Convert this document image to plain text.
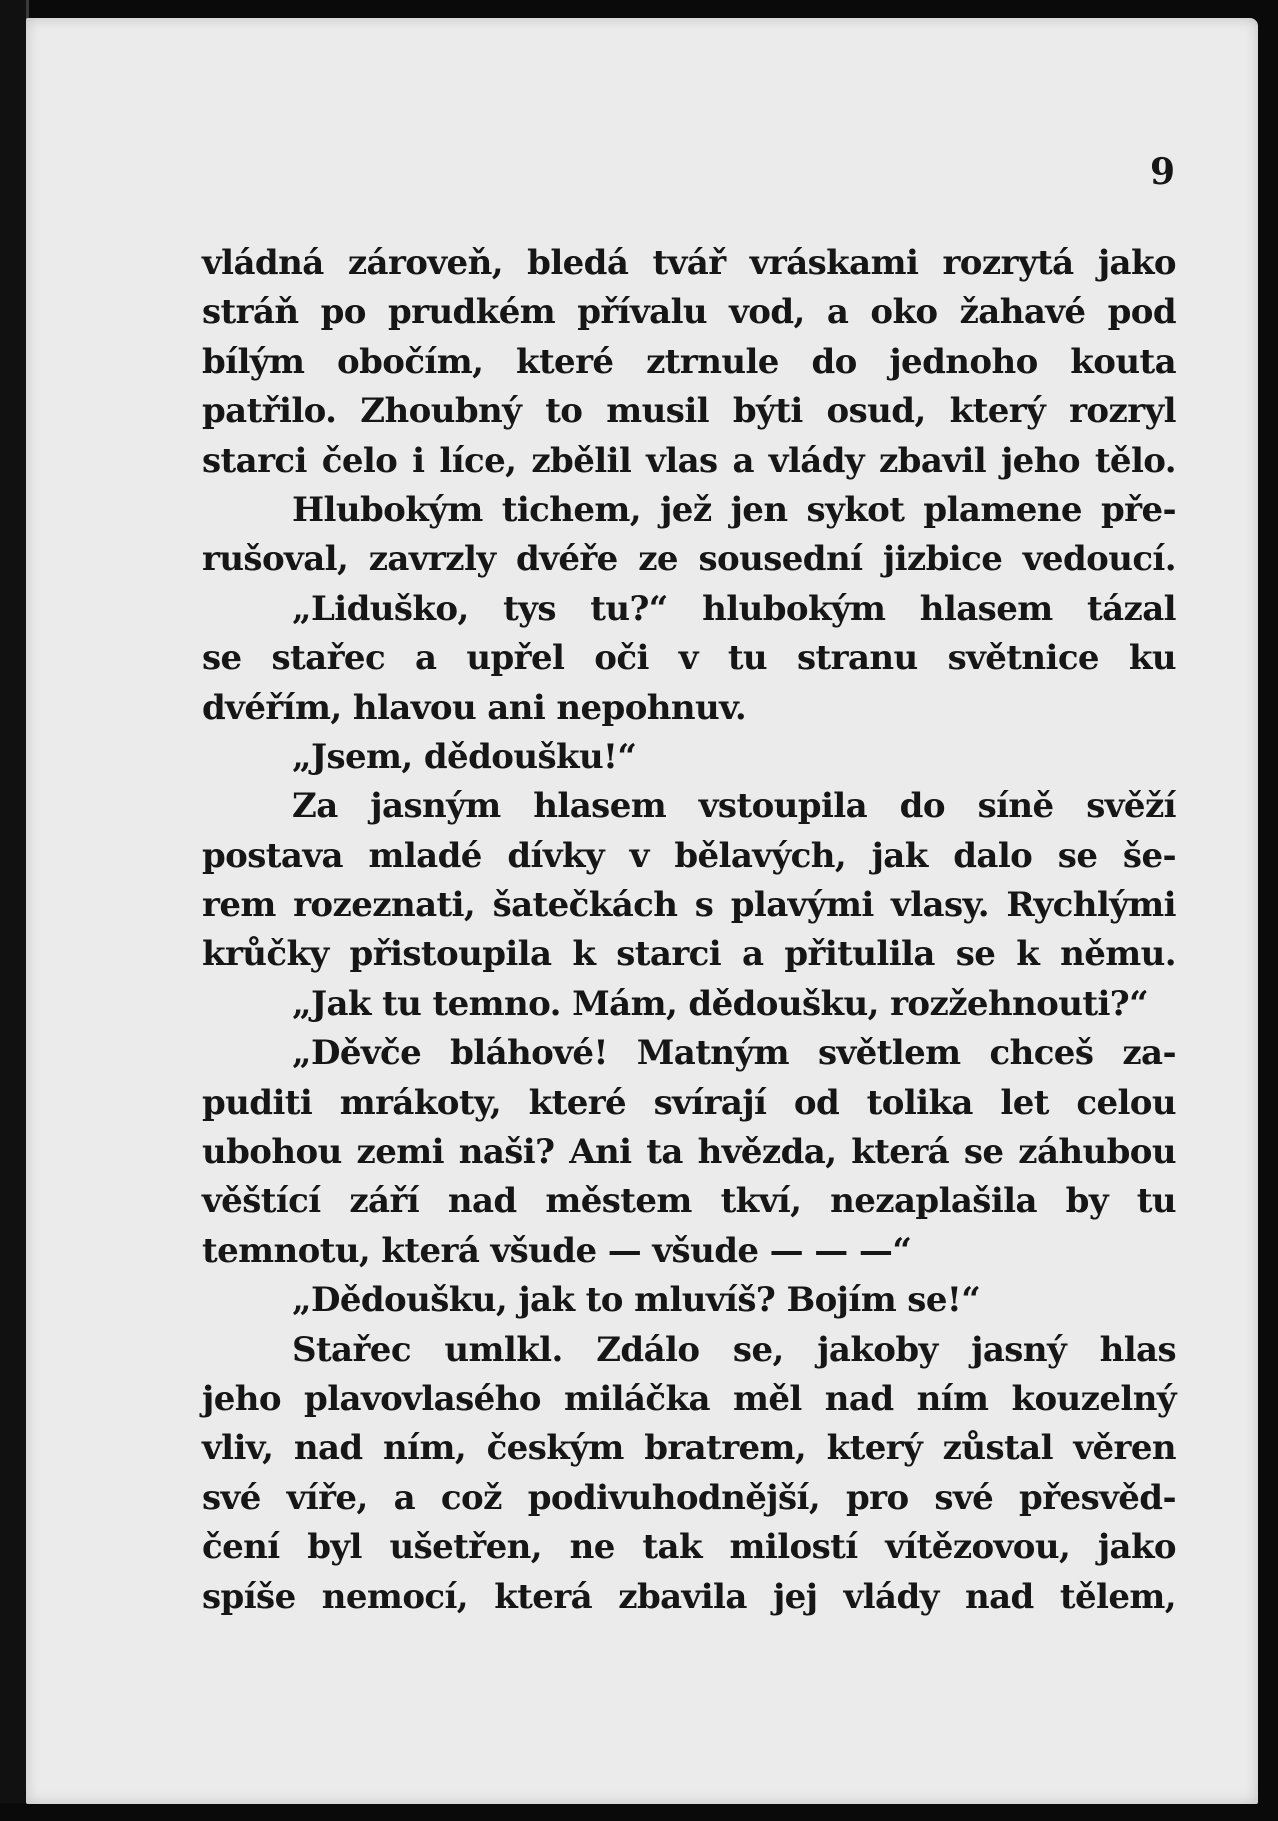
9
vládná zároveň, bledá tvář vráskami rozrytá jako
stráň po prudkém přívalu vod, a oko žahavé pod
bílým obočím, které ztrnule do jednoho kouta
patřilo. Zhoubný to musil býti osud, který rozryl
starci čelo i líce, zbělil vlas a vlády zbavil jeho tělo.
Hlubokým tichem, jež jen sykot plamene pře-
rušoval, zavrzly dvéře ze sousední jizbice vedoucí.
„Liduško, tys tu?“ hlubokým hlasem tázal
se stařec a upřel oči v tu stranu světnice ku
dvéřím, hlavou ani nepohnuv.
„Jsem, dědoušku!“
Za jasným hlasem vstoupila do síně svěží
postava mladé dívky v bělavých, jak dalo se še-
rem rozeznati, šatečkách s plavými vlasy. Rychlými
krůčky přistoupila k starci a přitulila se k němu.
„Jak tu temno. Mám, dědoušku, rozžehnouti?“
„Děvče bláhové! Matným světlem chceš za-
puditi mrákoty, které svírají od tolika let celou
ubohou zemi naši? Ani ta hvězda, která se záhubou
věštící září nad městem tkví, nezaplašila by tu
temnotu, která všude — všude — — —“
„Dědoušku, jak to mluvíš? Bojím se!“
Stařec umlkl. Zdálo se, jakoby jasný hlas
jeho plavovlasého miláčka měl nad ním kouzelný
vliv, nad ním, českým bratrem, který zůstal věren
své víře, a což podivuhodnější, pro své přesvěd-
čení byl ušetřen, ne tak milostí vítězovou, jako
spíše nemocí, která zbavila jej vlády nad tělem,
